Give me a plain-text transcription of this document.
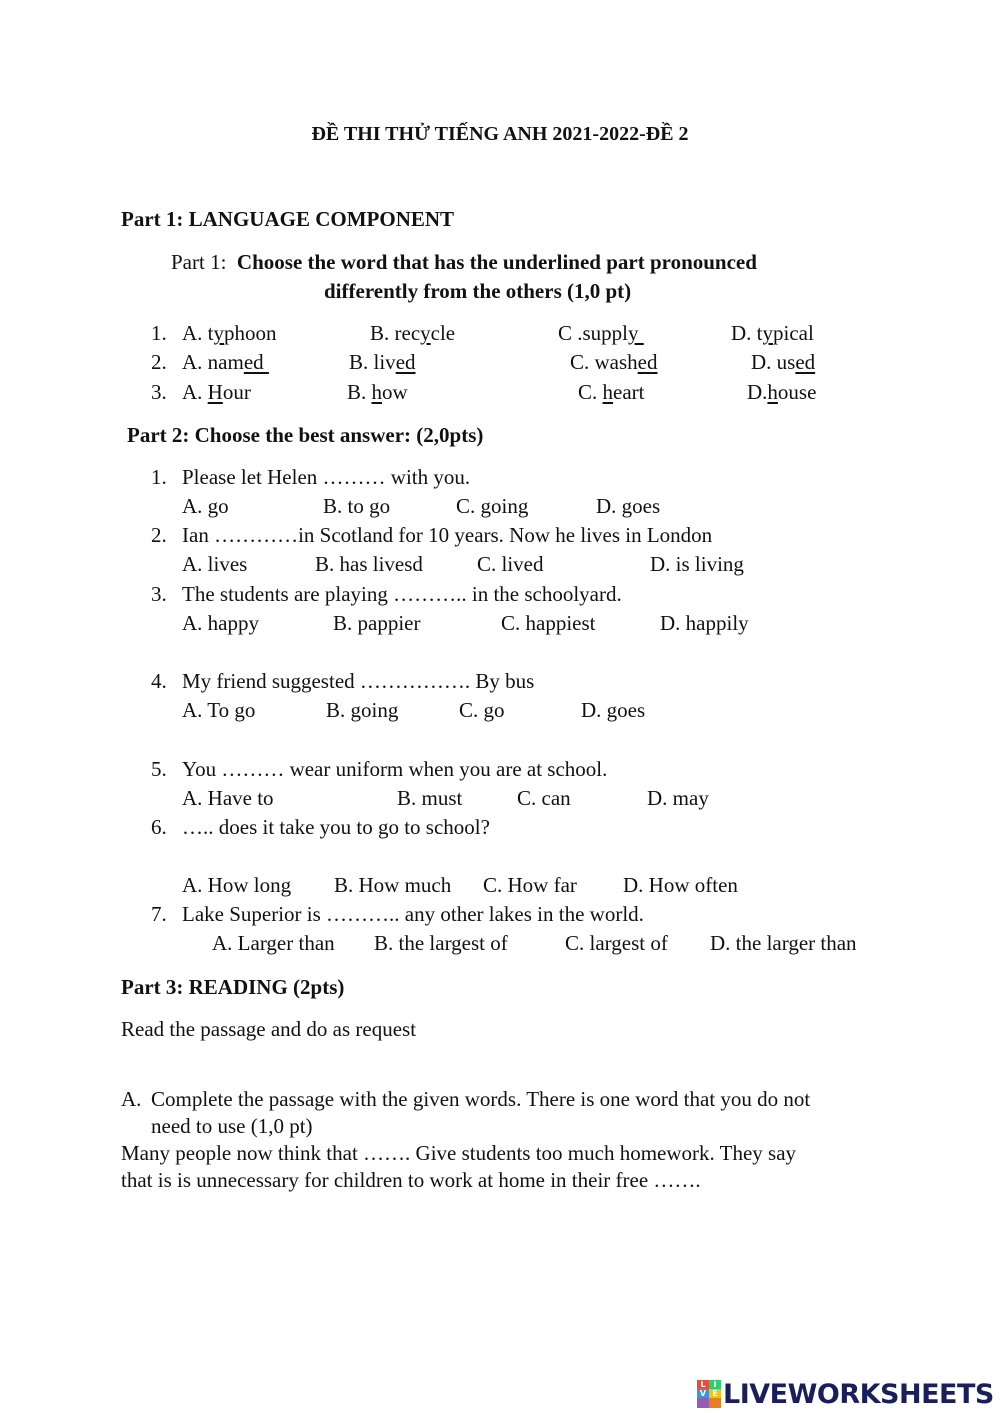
ĐỀ THI THỬ TIẾNG ANH 2021-2022-ĐỀ 2
Part 1: LANGUAGE COMPONENT
Part 1: Choose the word that has the underlined part pronounced
differently from the others (1,0 pt)
1. A. typhoon	B. recycle	C .supply	D. typical
2. A. named	B. lived	C. washed	D. used
3. A. Hour	B. how	C. heart	D.house
Part 2: Choose the best answer: (2,0pts)
1. Please let Helen ……… with you.
A. go	B. to go	C. going	D. goes
2. Ian …………in Scotland for 10 years. Now he lives in London
A. lives	B. has livesd	C. lived	D. is living
3. The students are playing ……….. in the schoolyard.
A. happy	B. pappier	C. happiest	D. happily
4. My friend suggested ……………. By bus
A. To go	B. going	C. go	D. goes
5. You ……… wear uniform when you are at school.
A. Have to	B. must	C. can	D. may
6. ….. does it take you to go to school?
A. How long B. How much C. How far D. How often
7. Lake Superior is ……….. any other lakes in the world.
A. Larger than B. the largest of	C. largest of D. the larger than
Part 3: READING (2pts)
Read the passage and do as request
A. Complete the passage with the given words. There is one word that you do not
need to use (1,0 pt)
Many people now think that ……. Give students too much homework. They say
that is is unnecessary for children to work at home in their free …….
L I
V E LIVEWORKSHEETS
